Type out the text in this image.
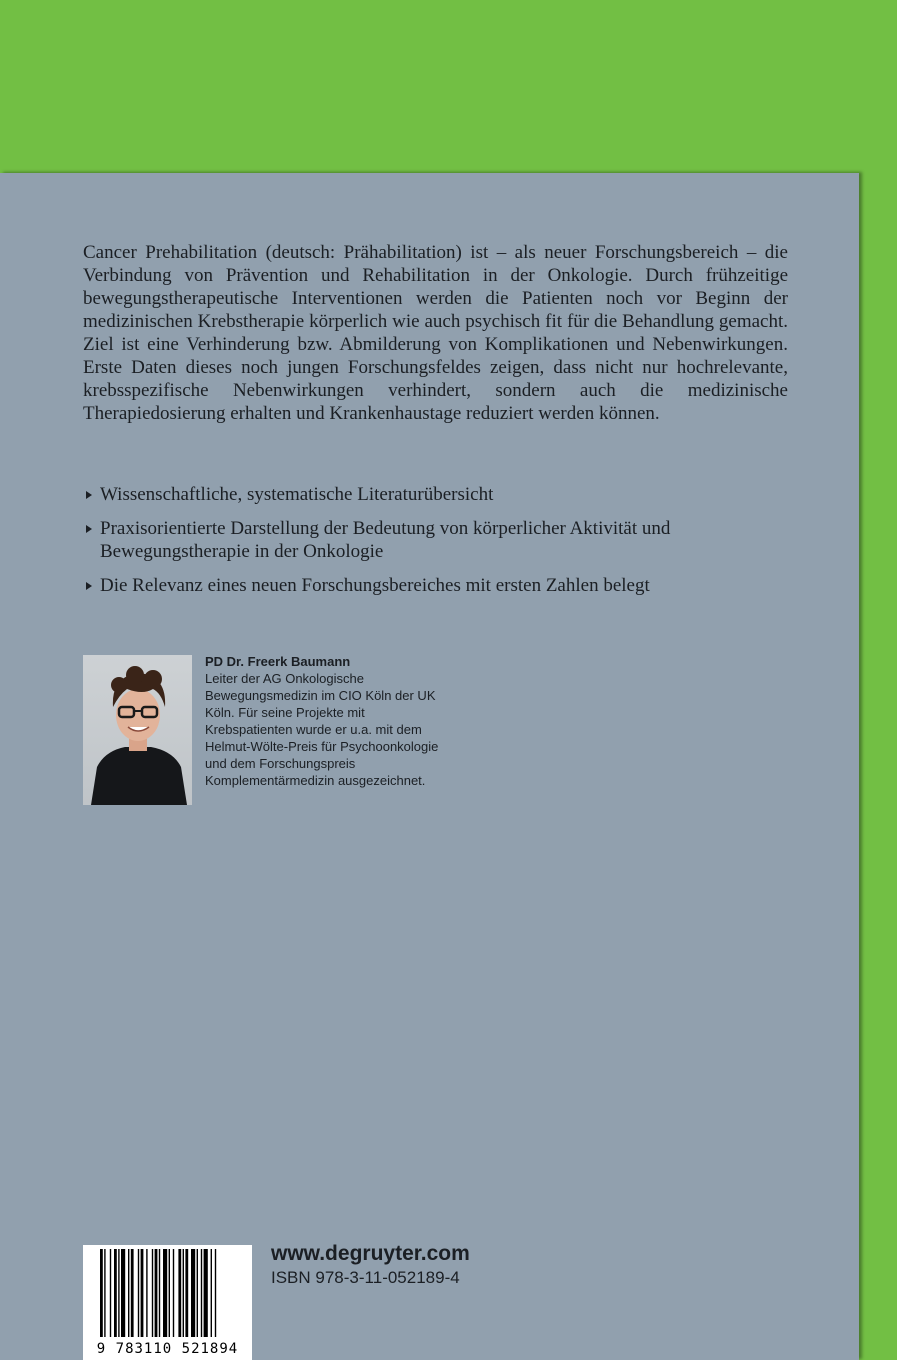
Cancer Prehabilitation (deutsch: Prähabilitation) ist – als neuer Forschungsbereich – die Verbindung von Prävention und Rehabilitation in der Onkologie. Durch frühzeitige bewegungstherapeutische Interventionen werden die Patienten noch vor Beginn der medizinischen Krebstherapie körperlich wie auch psychisch fit für die Behandlung gemacht. Ziel ist eine Verhinderung bzw. Abmilderung von Komplikationen und Nebenwirkungen. Erste Daten dieses noch jungen Forschungsfeldes zeigen, dass nicht nur hochrelevante, krebsspezifische Nebenwirkungen verhindert, sondern auch die medizinische Therapiedosierung erhalten und Krankenhaustage reduziert werden können.

Wissenschaftliche, systematische Literaturübersicht
Praxisorientierte Darstellung der Bedeutung von körperlicher Aktivität und Bewegungstherapie in der Onkologie
Die Relevanz eines neuen Forschungsbereiches mit ersten Zahlen belegt

PD Dr. Freerk Baumann
Leiter der AG Onkologische Bewegungsmedizin im CIO Köln der UK Köln. Für seine Projekte mit Krebspatienten wurde er u.a. mit dem Helmut-Wölte-Preis für Psychoonkologie und dem Forschungspreis Komplementärmedizin ausgezeichnet.

9 783110 521894
www.degruyter.com
ISBN 978-3-11-052189-4
